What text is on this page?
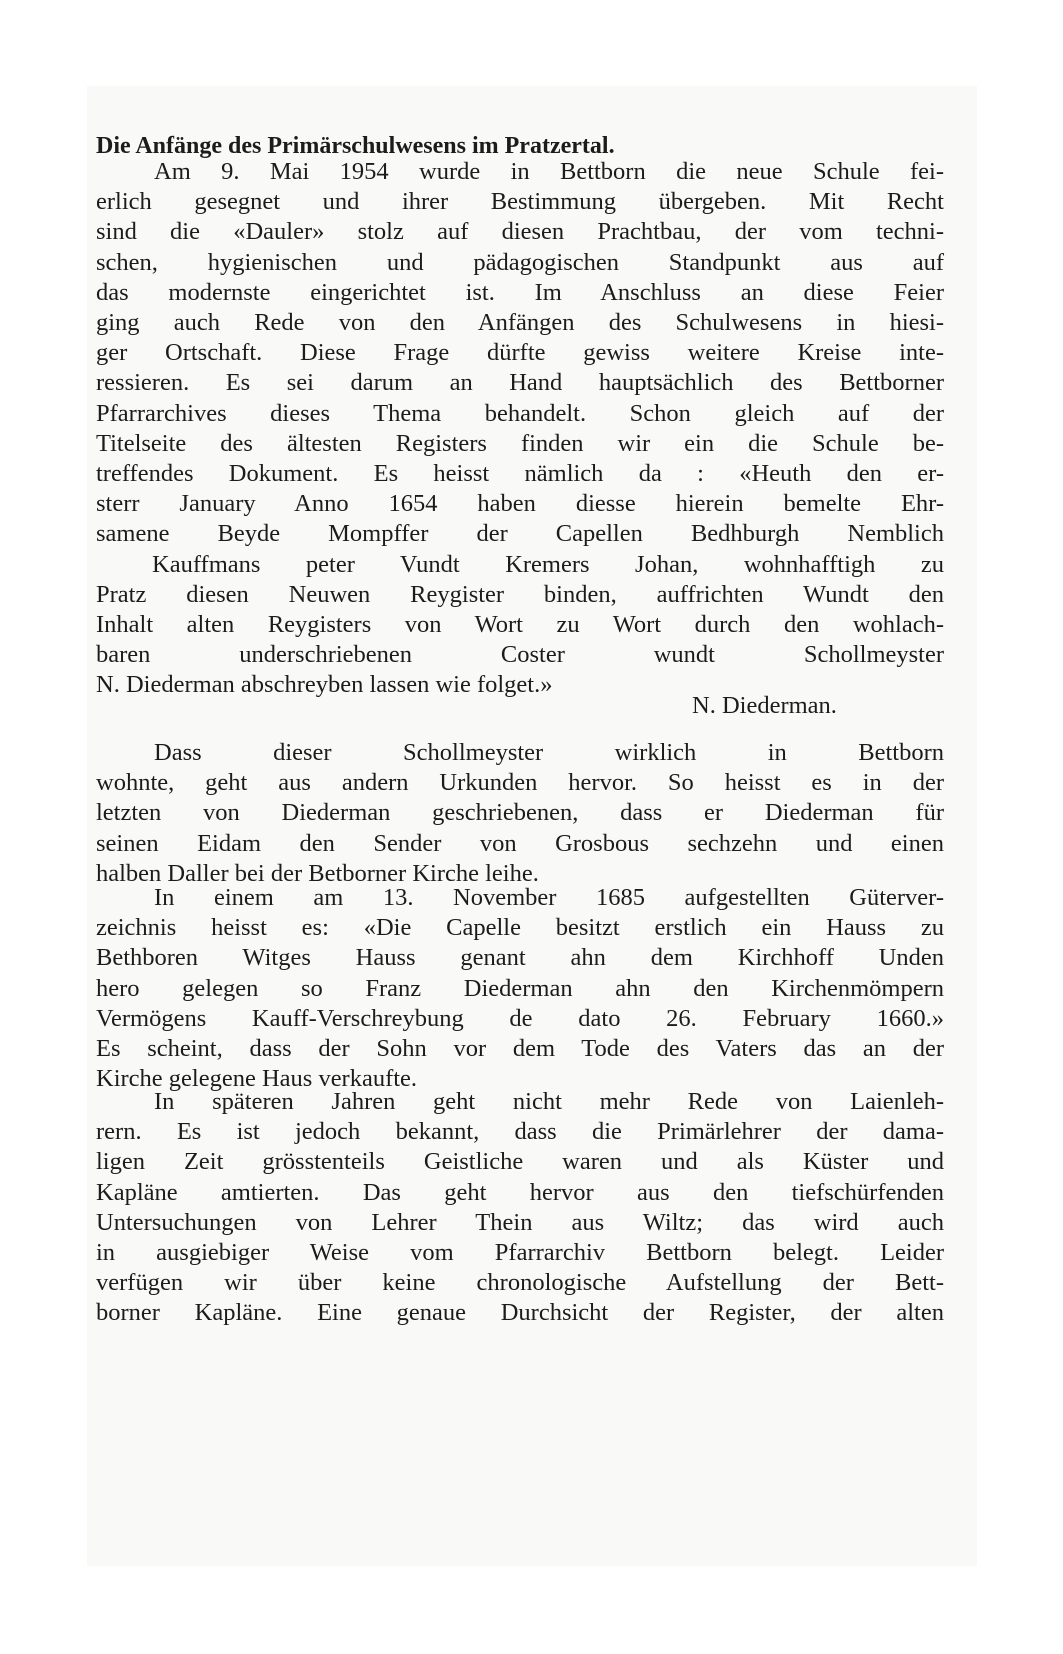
Die Anfänge des Primärschulwesens im Pratzertal.
Am 9. Mai 1954 wurde in Bettborn die neue Schule fei-
erlich gesegnet und ihrer Bestimmung übergeben. Mit Recht
sind die «Dauler» stolz auf diesen Prachtbau, der vom techni-
schen, hygienischen und pädagogischen Standpunkt aus auf
das modernste eingerichtet ist. Im Anschluss an diese Feier
ging auch Rede von den Anfängen des Schulwesens in hiesi-
ger Ortschaft. Diese Frage dürfte gewiss weitere Kreise inte-
ressieren. Es sei darum an Hand hauptsächlich des Bettborner
Pfarrarchives dieses Thema behandelt. Schon gleich auf der
Titelseite des ältesten Registers finden wir ein die Schule be-
treffendes Dokument. Es heisst nämlich da : «Heuth den er-
sterr January Anno 1654 haben diesse hierein bemelte Ehr-
samene Beyde Mompffer der Capellen Bedhburgh Nemblich
Kauffmans peter Vundt Kremers Johan, wohnhafftigh zu
Pratz diesen Neuwen Reygister binden, auffrichten Wundt den
Inhalt alten Reygisters von Wort zu Wort durch den wohlach-
baren underschriebenen Coster wundt Schollmeyster
N. Diederman abschreyben lassen wie folget.»
N. Diederman.
Dass dieser Schollmeyster wirklich in Bettborn
wohnte, geht aus andern Urkunden hervor. So heisst es in der
letzten von Diederman geschriebenen, dass er Diederman für
seinen Eidam den Sender von Grosbous sechzehn und einen
halben Daller bei der Betborner Kirche leihe.
In einem am 13. November 1685 aufgestellten Güterver-
zeichnis heisst es: «Die Capelle besitzt erstlich ein Hauss zu
Bethboren Witges Hauss genant ahn dem Kirchhoff Unden
hero gelegen so Franz Diederman ahn den Kirchenmömpern
Vermögens Kauff-Verschreybung de dato 26. February 1660.»
Es scheint, dass der Sohn vor dem Tode des Vaters das an der
Kirche gelegene Haus verkaufte.
In späteren Jahren geht nicht mehr Rede von Laienleh-
rern. Es ist jedoch bekannt, dass die Primärlehrer der dama-
ligen Zeit grösstenteils Geistliche waren und als Küster und
Kapläne amtierten. Das geht hervor aus den tiefschürfenden
Untersuchungen von Lehrer Thein aus Wiltz; das wird auch
in ausgiebiger Weise vom Pfarrarchiv Bettborn belegt. Leider
verfügen wir über keine chronologische Aufstellung der Bett-
borner Kapläne. Eine genaue Durchsicht der Register, der alten
